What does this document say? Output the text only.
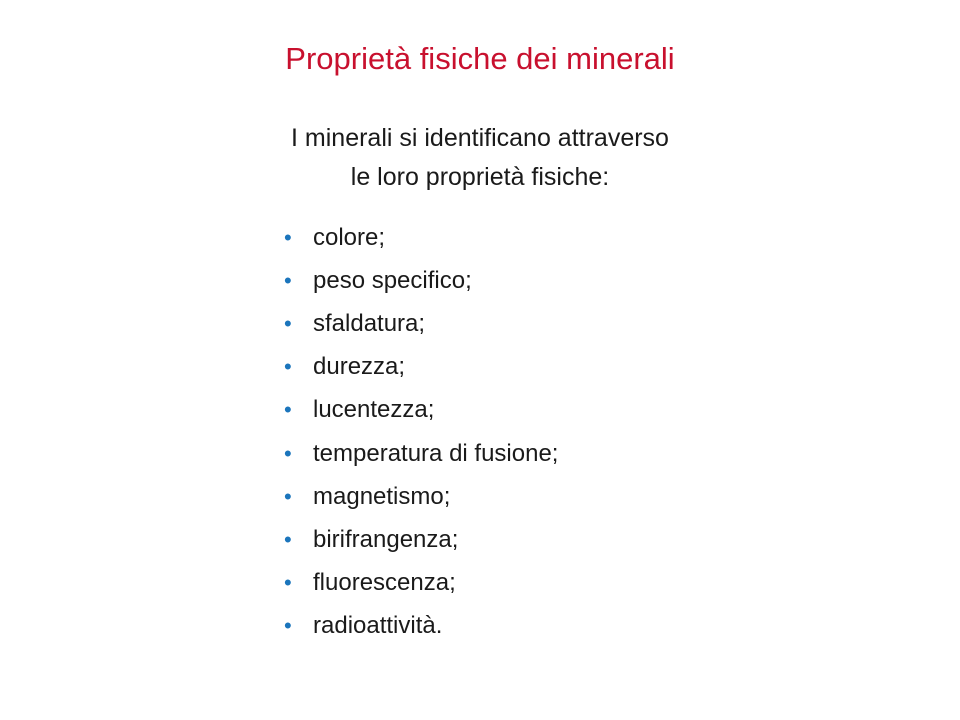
Proprietà fisiche dei minerali

I minerali si identificano attraverso
le loro proprietà fisiche:

• colore;
• peso specifico;
• sfaldatura;
• durezza;
• lucentezza;
• temperatura di fusione;
• magnetismo;
• birifrangenza;
• fluorescenza;
• radioattività.
